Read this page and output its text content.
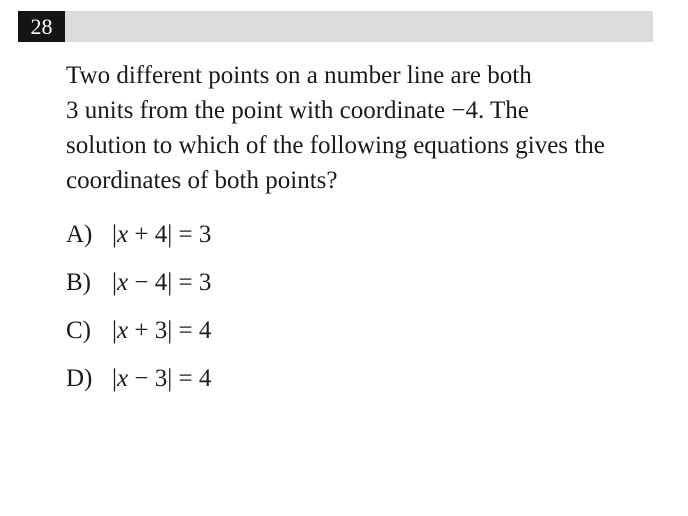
28
Two different points on a number line are both
3 units from the point with coordinate −4. The
solution to which of the following equations gives the
coordinates of both points?
A) |x + 4| = 3
B) |x − 4| = 3
C) |x + 3| = 4
D) |x − 3| = 4
